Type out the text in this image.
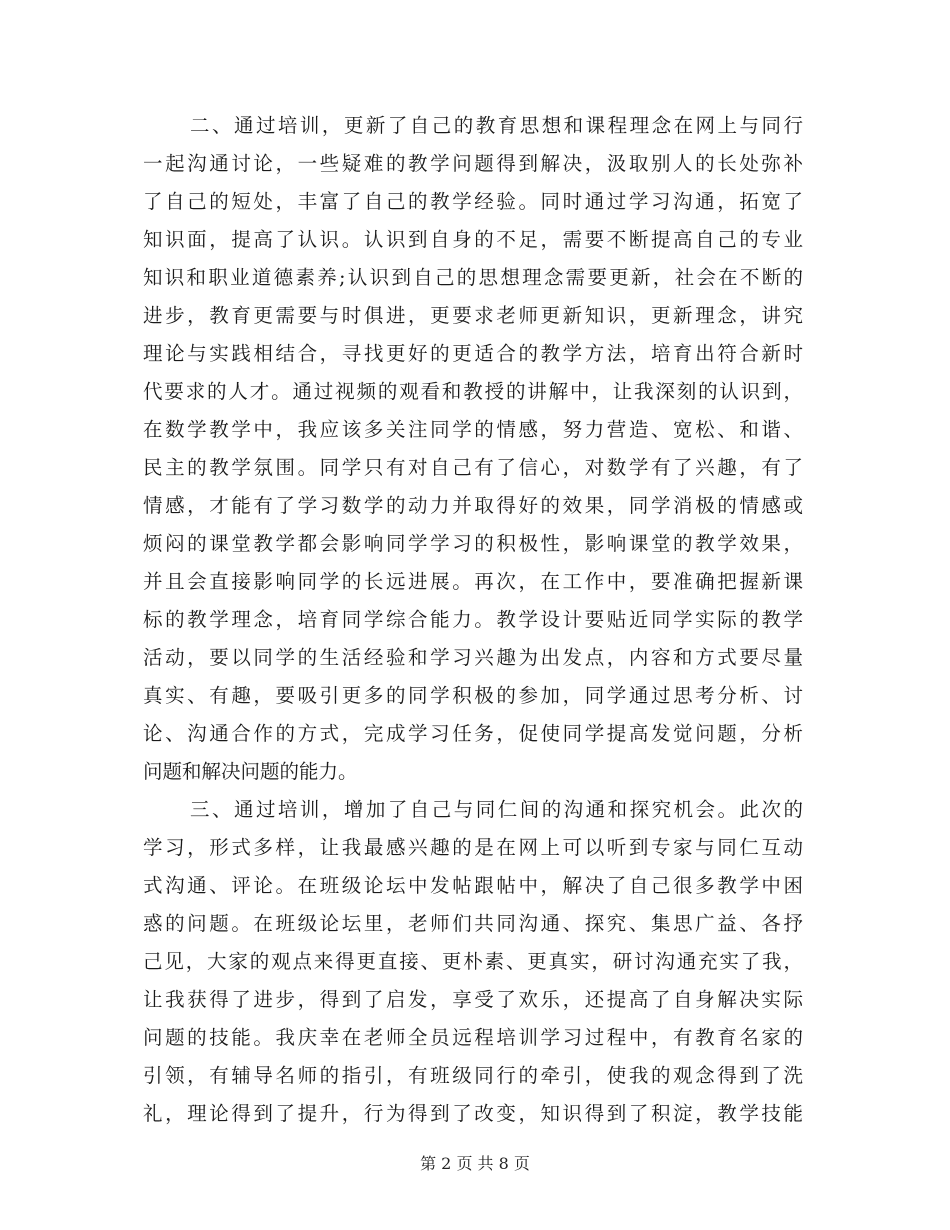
二、通过培训，更新了自己的教育思想和课程理念在网上与同行
一起沟通讨论，一些疑难的教学问题得到解决，汲取别人的长处弥补
了自己的短处，丰富了自己的教学经验。同时通过学习沟通，拓宽了
知识面，提高了认识。认识到自身的不足，需要不断提高自己的专业
知识和职业道德素养;认识到自己的思想理念需要更新，社会在不断的
进步，教育更需要与时俱进，更要求老师更新知识，更新理念，讲究
理论与实践相结合，寻找更好的更适合的教学方法，培育出符合新时
代要求的人才。通过视频的观看和教授的讲解中，让我深刻的认识到，
在数学教学中，我应该多关注同学的情感，努力营造、宽松、和谐、
民主的教学氛围。同学只有对自己有了信心，对数学有了兴趣，有了
情感，才能有了学习数学的动力并取得好的效果，同学消极的情感或
烦闷的课堂教学都会影响同学学习的积极性，影响课堂的教学效果，
并且会直接影响同学的长远进展。再次，在工作中，要准确把握新课
标的教学理念，培育同学综合能力。教学设计要贴近同学实际的教学
活动，要以同学的生活经验和学习兴趣为出发点，内容和方式要尽量
真实、有趣，要吸引更多的同学积极的参加，同学通过思考分析、讨
论、沟通合作的方式，完成学习任务，促使同学提高发觉问题，分析
问题和解决问题的能力。
三、通过培训，增加了自己与同仁间的沟通和探究机会。此次的
学习，形式多样，让我最感兴趣的是在网上可以听到专家与同仁互动
式沟通、评论。在班级论坛中发帖跟帖中，解决了自己很多教学中困
惑的问题。在班级论坛里，老师们共同沟通、探究、集思广益、各抒
己见，大家的观点来得更直接、更朴素、更真实，研讨沟通充实了我，
让我获得了进步，得到了启发，享受了欢乐，还提高了自身解决实际
问题的技能。我庆幸在老师全员远程培训学习过程中，有教育名家的
引领，有辅导名师的指引，有班级同行的牵引，使我的观念得到了洗
礼，理论得到了提升，行为得到了改变，知识得到了积淀，教学技能
第 2 页 共 8 页
